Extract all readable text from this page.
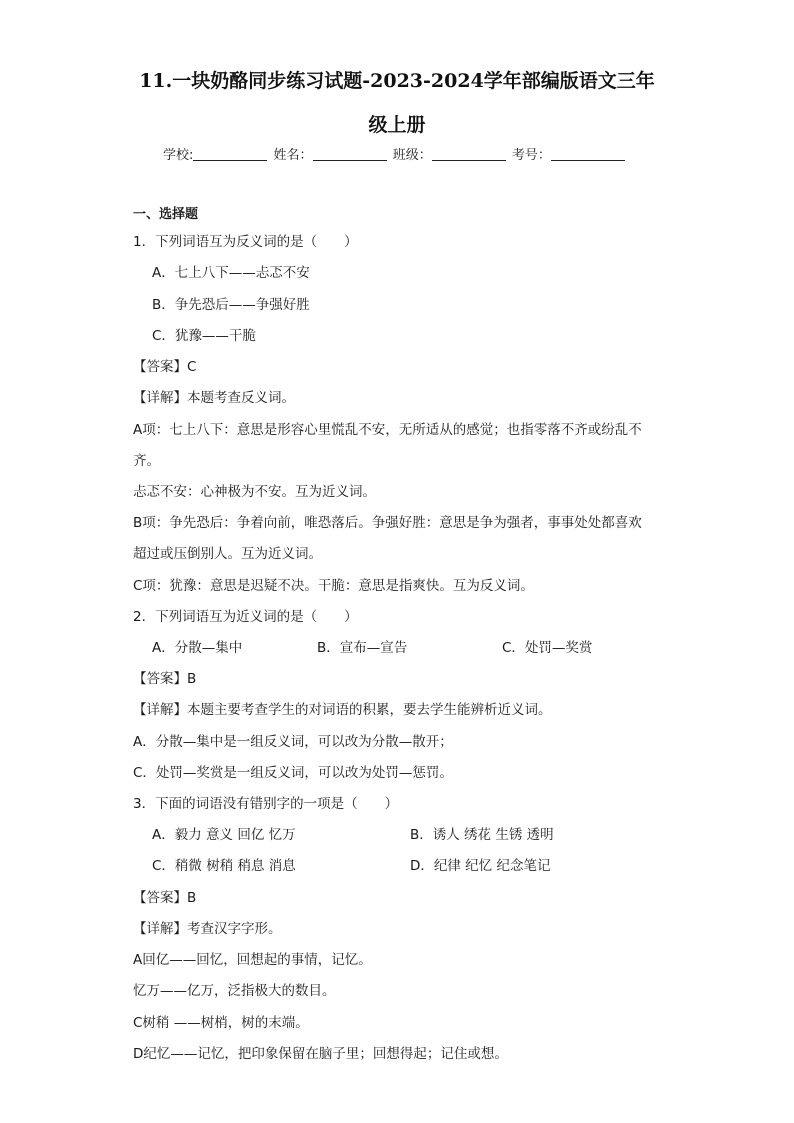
11.一块奶酪同步练习试题-2023-2024学年部编版语文三年
级上册
学校:	姓名：	班级：	考号：
一、选择题
1．下列词语互为反义词的是（　　）
A．七上八下——忐忑不安
B．争先恐后——争强好胜
C．犹豫——干脆
【答案】C
【详解】本题考查反义词。
A项：七上八下：意思是形容心里慌乱不安，无所适从的感觉；也指零落不齐或纷乱不
齐。
忐忑不安：心神极为不安。互为近义词。
B项：争先恐后：争着向前，唯恐落后。争强好胜：意思是争为强者，事事处处都喜欢
超过或压倒别人。互为近义词。
C项：犹豫：意思是迟疑不决。干脆：意思是指爽快。互为反义词。
2．下列词语互为近义词的是（　　）
A．分散—集中	B．宣布—宣告	C．处罚—奖赏
【答案】B
【详解】本题主要考查学生的对词语的积累，要去学生能辨析近义词。
A．分散—集中是一组反义词，可以改为分散—散开；
C．处罚—奖赏是一组反义词，可以改为处罚—惩罚。
3．下面的词语没有错别字的一项是（　　）
A．毅力 意义 回亿 忆万	B．诱人 绣花 生锈 透明
C．稍微 树稍 稍息 消息	D．纪律 纪忆 纪念笔记
【答案】B
【详解】考查汉字字形。
A回亿——回忆，回想起的事情，记忆。
忆万——亿万，泛指极大的数目。
C树稍 ——树梢，树的末端。
D纪忆——记忆，把印象保留在脑子里；回想得起；记住或想。
